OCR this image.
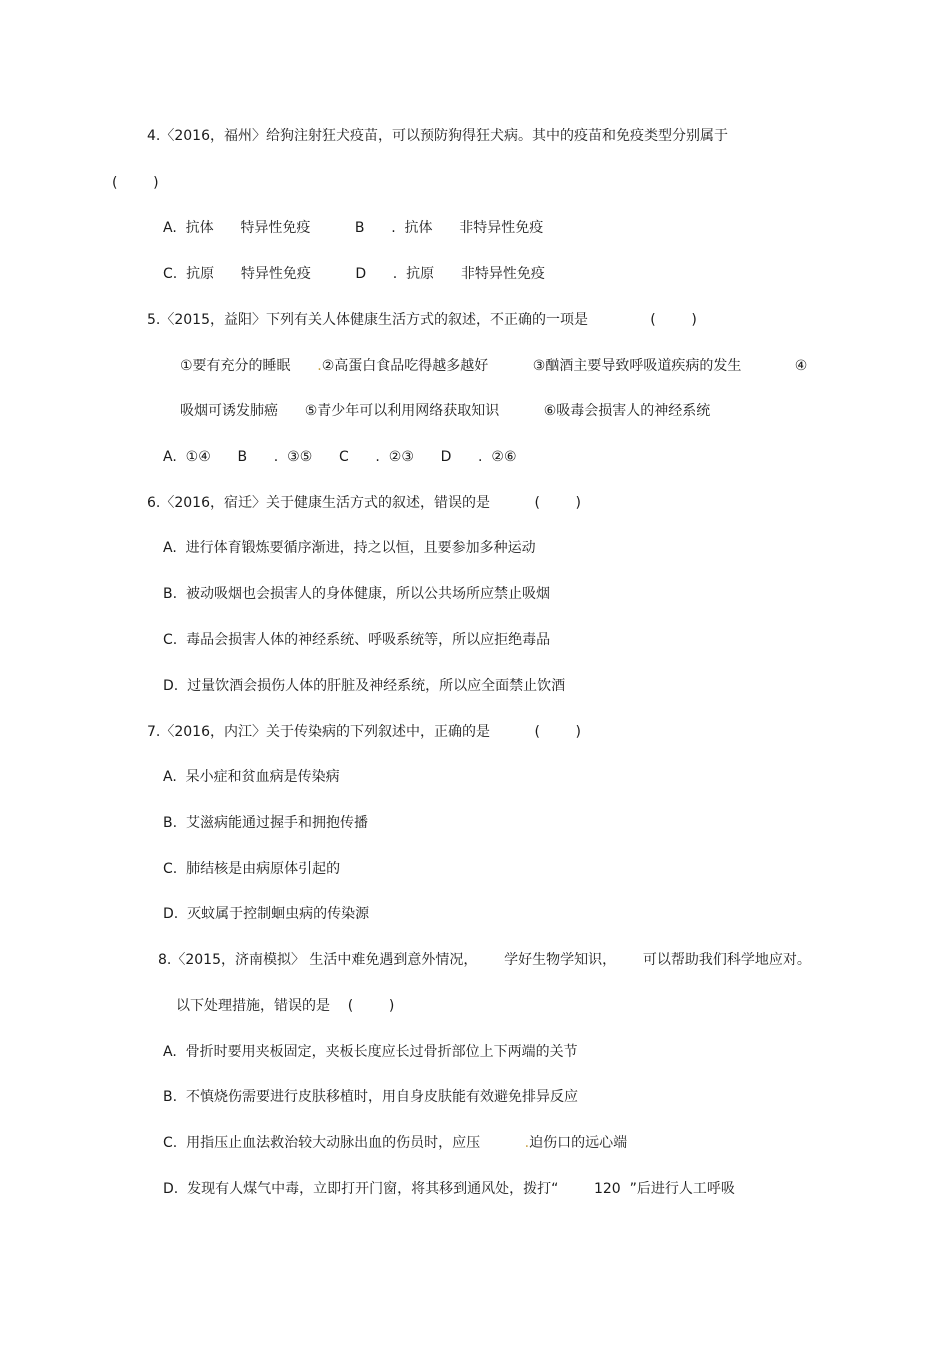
4.〈2016，福州〉给狗注射狂犬疫苗，可以预防狗得狂犬病。其中的疫苗和免疫类型分别属于
(        )
A.  抗体      特异性免疫          B      .  抗体      非特异性免疫
C.  抗原      特异性免疫          D      .  抗原      非特异性免疫
5.〈2015，益阳〉下列有关人体健康生活方式的叙述，不正确的一项是              (        )
①要有充分的睡眠      .②高蛋白食品吃得越多越好          ③酗酒主要导致呼吸道疾病的发生            ④
吸烟可诱发肺癌      ⑤青少年可以利用网络获取知识          ⑥吸毒会损害人的神经系统
A.  ①④      B      .  ③⑤      C      .  ②③      D      .  ②⑥
6.〈2016，宿迁〉关于健康生活方式的叙述，错误的是          (        )
A.  进行体育锻炼要循序渐进，持之以恒，且要参加多种运动
B.  被动吸烟也会损害人的身体健康，所以公共场所应禁止吸烟
C.  毒品会损害人体的神经系统、呼吸系统等，所以应拒绝毒品
D.  过量饮酒会损伤人体的肝脏及神经系统，所以应全面禁止饮酒
7.〈2016，内江〉关于传染病的下列叙述中，正确的是          (        )
A.  呆小症和贫血病是传染病
B.  艾滋病能通过握手和拥抱传播
C.  肺结核是由病原体引起的
D.  灭蚊属于控制蛔虫病的传染源
8.〈2015，济南模拟〉 生活中难免遇到意外情况，      学好生物学知识，      可以帮助我们科学地应对。
以下处理措施，错误的是    (        )
A.  骨折时要用夹板固定，夹板长度应长过骨折部位上下两端的关节
B.  不慎烧伤需要进行皮肤移植时，用自身皮肤能有效避免排异反应
C.  用指压止血法救治较大动脉出血的伤员时，应压          .迫伤口的远心端
D.  发现有人煤气中毒，立即打开门窗，将其移到通风处，拨打“        120  ”后进行人工呼吸
